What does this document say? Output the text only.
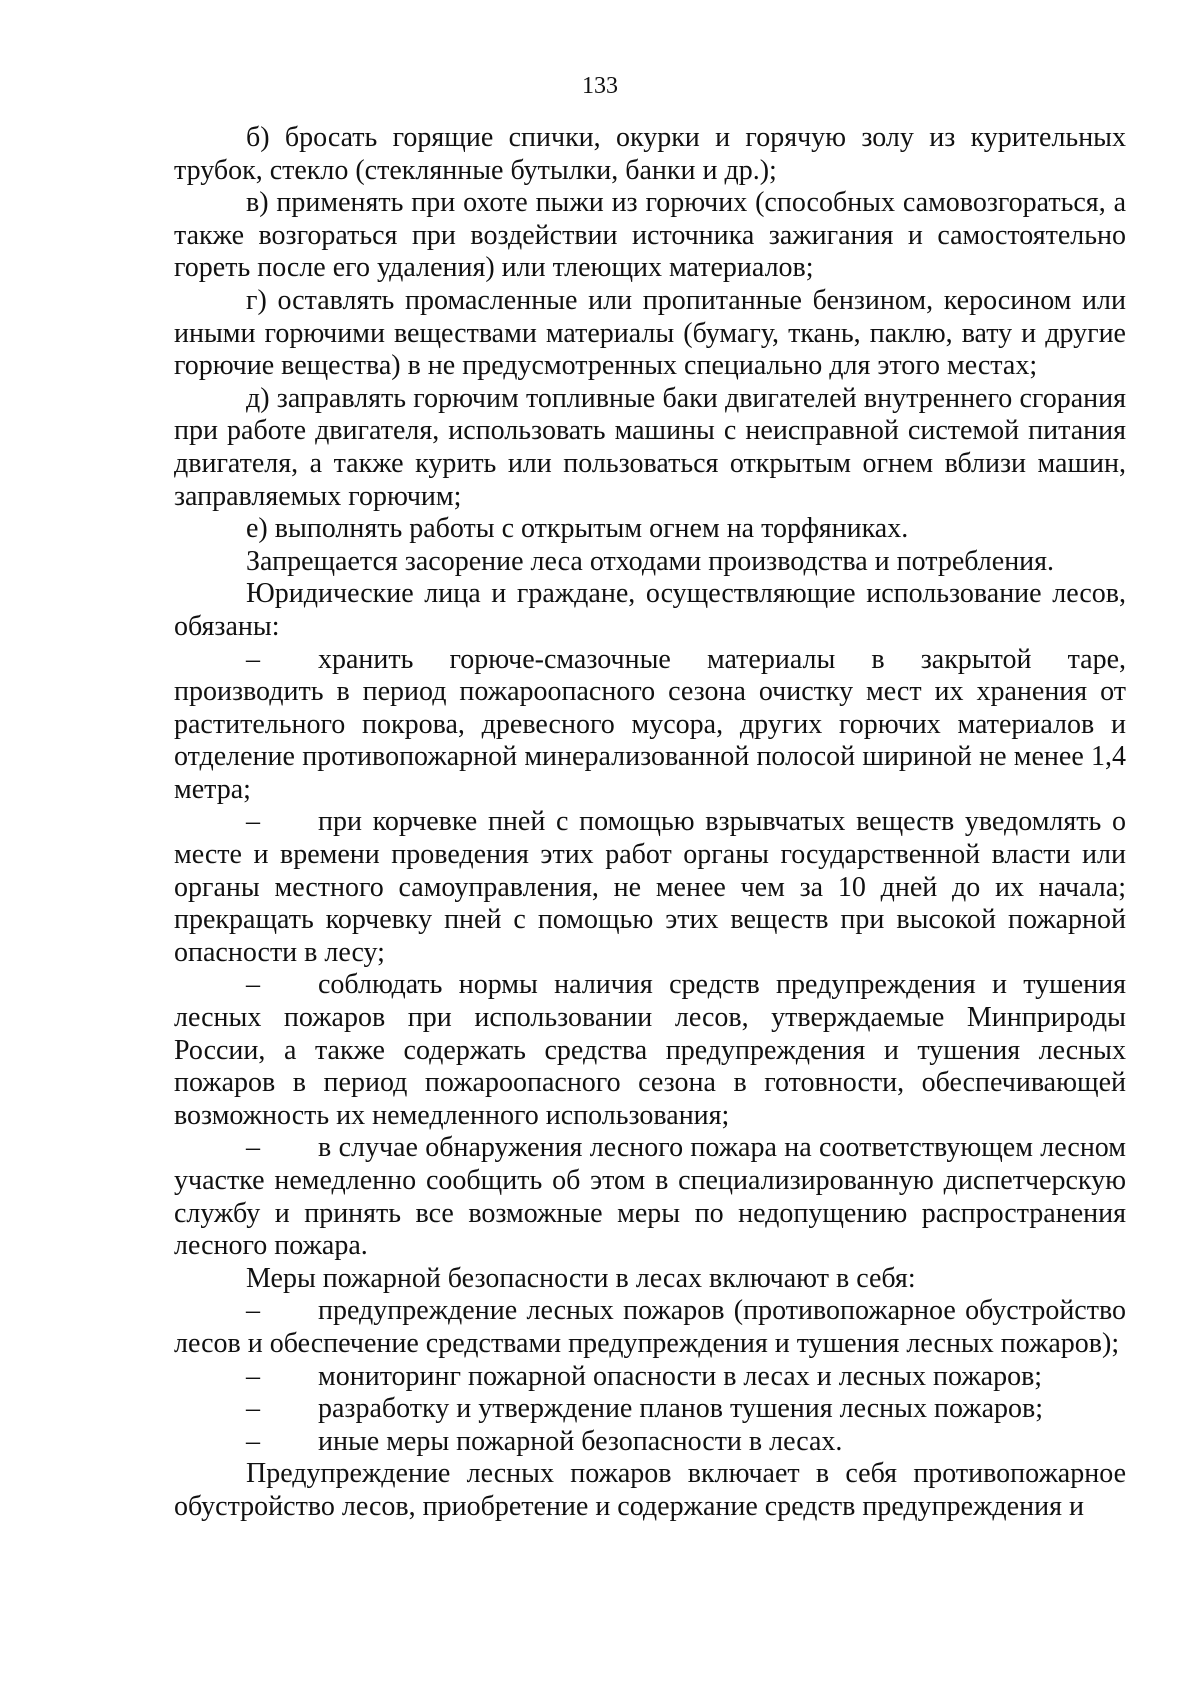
133

б) бросать горящие спички, окурки и горячую золу из курительных трубок, стекло (стеклянные бутылки, банки и др.);

в) применять при охоте пыжи из горючих (способных самовозгораться, а также возгораться при воздействии источника зажигания и самостоятельно гореть после его удаления) или тлеющих материалов;

г) оставлять промасленные или пропитанные бензином, керосином или иными горючими веществами материалы (бумагу, ткань, паклю, вату и другие горючие вещества) в не предусмотренных специально для этого местах;

д) заправлять горючим топливные баки двигателей внутреннего сгорания при работе двигателя, использовать машины с неисправной системой питания двигателя, а также курить или пользоваться открытым огнем вблизи машин, заправляемых горючим;

е) выполнять работы с открытым огнем на торфяниках.

Запрещается засорение леса отходами производства и потребления.

Юридические лица и граждане, осуществляющие использование лесов, обязаны:

– хранить горюче-смазочные материалы в закрытой таре, производить в период пожароопасного сезона очистку мест их хранения от растительного покрова, древесного мусора, других горючих материалов и отделение противопожарной минерализованной полосой шириной не менее 1,4 метра;

– при корчевке пней с помощью взрывчатых веществ уведомлять о месте и времени проведения этих работ органы государственной власти или органы местного самоуправления, не менее чем за 10 дней до их начала; прекращать корчевку пней с помощью этих веществ при высокой пожарной опасности в лесу;

– соблюдать нормы наличия средств предупреждения и тушения лесных пожаров при использовании лесов, утверждаемые Минприроды России, а также содержать средства предупреждения и тушения лесных пожаров в период пожароопасного сезона в готовности, обеспечивающей возможность их немедленного использования;

– в случае обнаружения лесного пожара на соответствующем лесном участке немедленно сообщить об этом в специализированную диспетчерскую службу и принять все возможные меры по недопущению распространения лесного пожара.

Меры пожарной безопасности в лесах включают в себя:

– предупреждение лесных пожаров (противопожарное обустройство лесов и обеспечение средствами предупреждения и тушения лесных пожаров);

– мониторинг пожарной опасности в лесах и лесных пожаров;

– разработку и утверждение планов тушения лесных пожаров;

– иные меры пожарной безопасности в лесах.

Предупреждение лесных пожаров включает в себя противопожарное обустройство лесов, приобретение и содержание средств предупреждения и
